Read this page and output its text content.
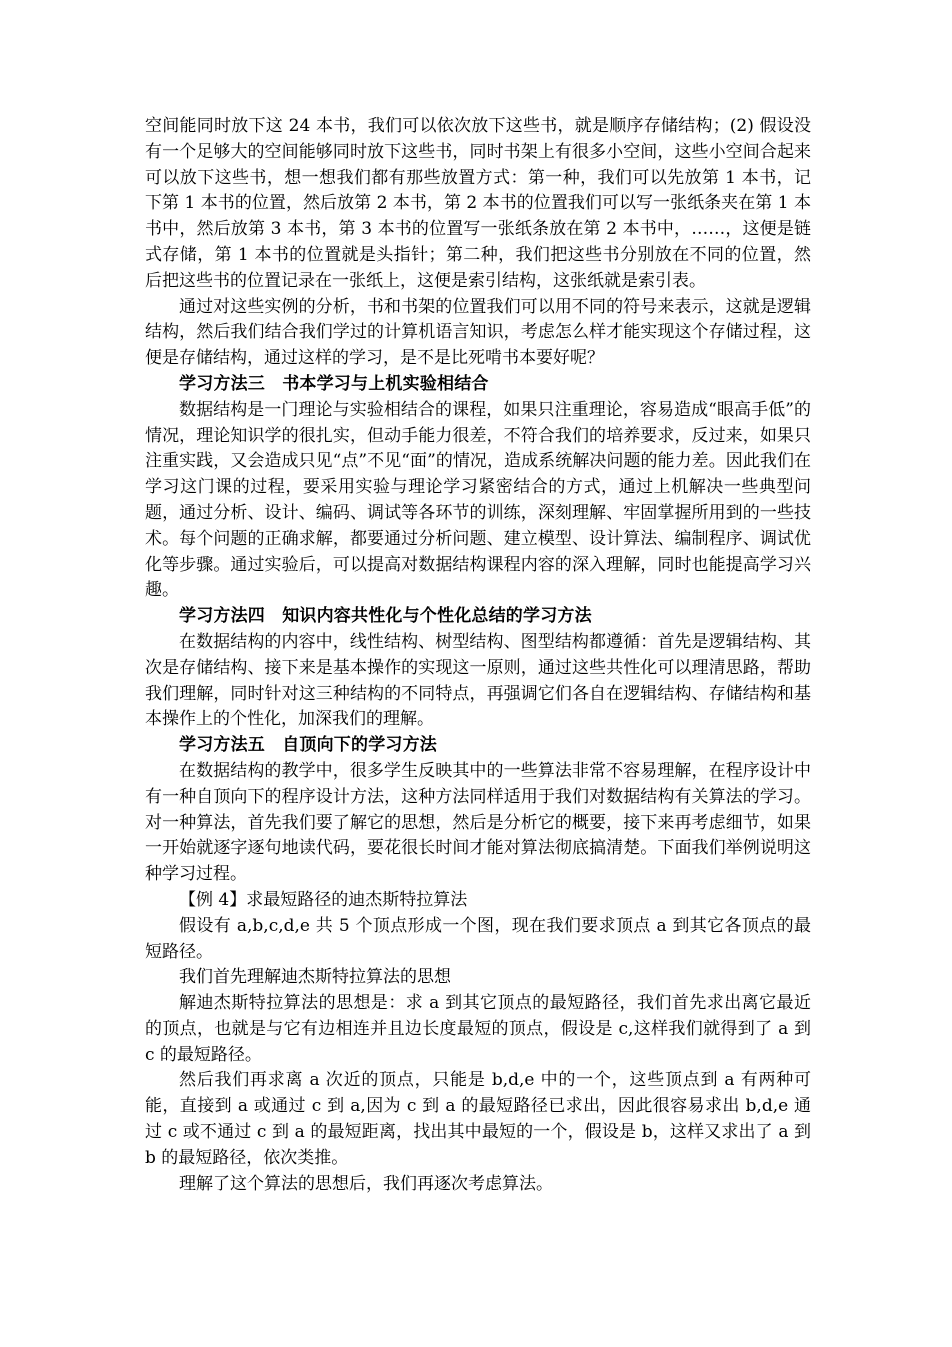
空间能同时放下这 24 本书，我们可以依次放下这些书，就是顺序存储结构；(2) 假设没有一个足够大的空间能够同时放下这些书，同时书架上有很多小空间，这些小空间合起来可以放下这些书，想一想我们都有那些放置方式：第一种，我们可以先放第 1 本书，记下第 1 本书的位置，然后放第 2 本书，第 2 本书的位置我们可以写一张纸条夹在第 1 本书中，然后放第 3 本书，第 3 本书的位置写一张纸条放在第 2 本书中，……，这便是链式存储，第 1 本书的位置就是头指针；第二种，我们把这些书分别放在不同的位置，然后把这些书的位置记录在一张纸上，这便是索引结构，这张纸就是索引表。

通过对这些实例的分析，书和书架的位置我们可以用不同的符号来表示，这就是逻辑结构，然后我们结合我们学过的计算机语言知识，考虑怎么样才能实现这个存储过程，这便是存储结构，通过这样的学习，是不是比死啃书本要好呢？

学习方法三　书本学习与上机实验相结合

数据结构是一门理论与实验相结合的课程，如果只注重理论，容易造成“眼高手低”的情况，理论知识学的很扎实，但动手能力很差，不符合我们的培养要求，反过来，如果只注重实践，又会造成只见“点”不见“面”的情况，造成系统解决问题的能力差。因此我们在学习这门课的过程，要采用实验与理论学习紧密结合的方式，通过上机解决一些典型问题，通过分析、设计、编码、调试等各环节的训练，深刻理解、牢固掌握所用到的一些技术。每个问题的正确求解，都要通过分析问题、建立模型、设计算法、编制程序、调试优化等步骤。通过实验后，可以提高对数据结构课程内容的深入理解，同时也能提高学习兴趣。

学习方法四　知识内容共性化与个性化总结的学习方法

在数据结构的内容中，线性结构、树型结构、图型结构都遵循：首先是逻辑结构、其次是存储结构、接下来是基本操作的实现这一原则，通过这些共性化可以理清思路，帮助我们理解，同时针对这三种结构的不同特点，再强调它们各自在逻辑结构、存储结构和基本操作上的个性化，加深我们的理解。

学习方法五　自顶向下的学习方法

在数据结构的教学中，很多学生反映其中的一些算法非常不容易理解，在程序设计中有一种自顶向下的程序设计方法，这种方法同样适用于我们对数据结构有关算法的学习。对一种算法，首先我们要了解它的思想，然后是分析它的概要，接下来再考虑细节，如果一开始就逐字逐句地读代码，要花很长时间才能对算法彻底搞清楚。下面我们举例说明这种学习过程。

【例 4】求最短路径的迪杰斯特拉算法

假设有 a,b,c,d,e 共 5 个顶点形成一个图，现在我们要求顶点 a 到其它各顶点的最短路径。

我们首先理解迪杰斯特拉算法的思想

解迪杰斯特拉算法的思想是：求 a 到其它顶点的最短路径，我们首先求出离它最近的顶点，也就是与它有边相连并且边长度最短的顶点，假设是 c,这样我们就得到了 a 到 c 的最短路径。

然后我们再求离 a 次近的顶点，只能是 b,d,e 中的一个，这些顶点到 a 有两种可能，直接到 a 或通过 c 到 a,因为 c 到 a 的最短路径已求出，因此很容易求出 b,d,e 通过 c 或不通过 c 到 a 的最短距离，找出其中最短的一个，假设是 b，这样又求出了 a 到 b 的最短路径，依次类推。

理解了这个算法的思想后，我们再逐次考虑算法。
